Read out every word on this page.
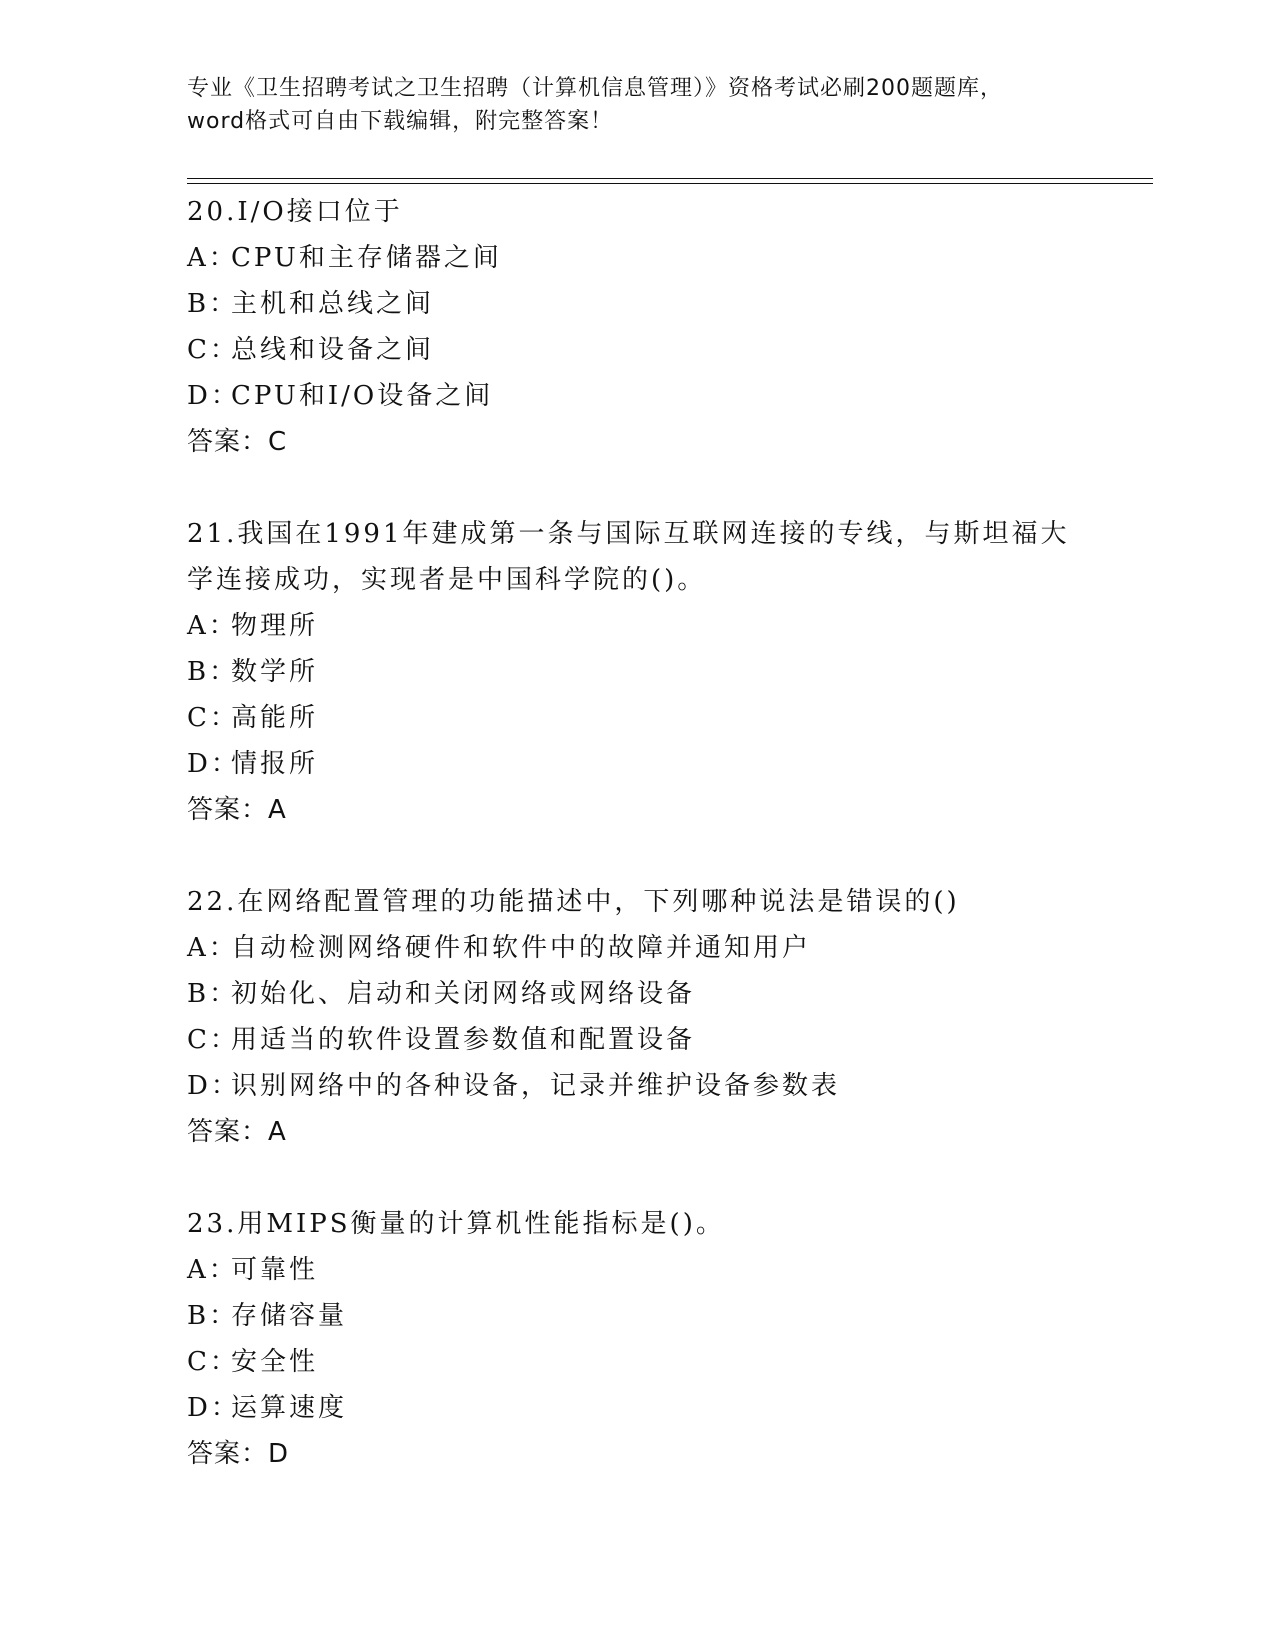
专业《卫生招聘考试之卫生招聘（计算机信息管理）》资格考试必刷200题题库，
word格式可自由下载编辑，附完整答案！
20.I/O接口位于
A：CPU和主存储器之间
B：主机和总线之间
C：总线和设备之间
D：CPU和I/O设备之间
答案：C
21.我国在1991年建成第一条与国际互联网连接的专线，与斯坦福大
学连接成功，实现者是中国科学院的()。
A：物理所
B：数学所
C：高能所
D：情报所
答案：A
22.在网络配置管理的功能描述中，下列哪种说法是错误的()
A：自动检测网络硬件和软件中的故障并通知用户
B：初始化、启动和关闭网络或网络设备
C：用适当的软件设置参数值和配置设备
D：识别网络中的各种设备，记录并维护设备参数表
答案：A
23.用MIPS衡量的计算机性能指标是()。
A：可靠性
B：存储容量
C：安全性
D：运算速度
答案：D
